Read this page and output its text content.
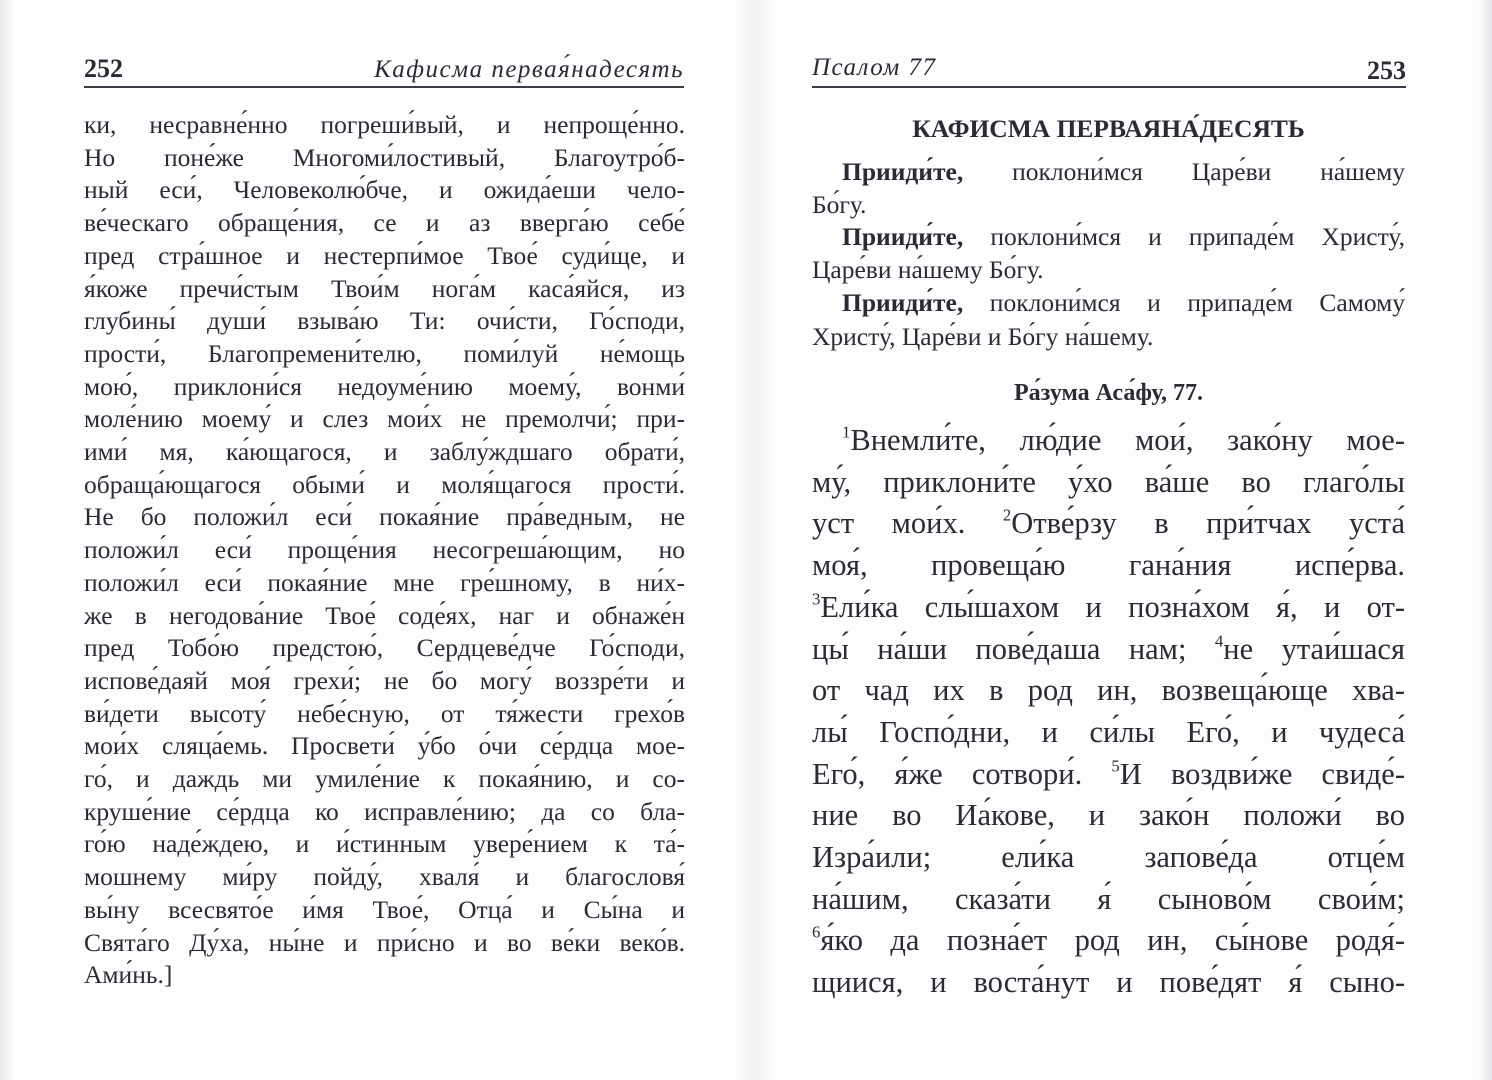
252	Кафисма первая́надесять	Псалом 77	253
ки, несравне́нно погреши́вый, и непроще́нно.
Но поне́же Многоми́лостивый, Благоутро́б-
ный еси́, Человеколю́бче, и ожида́еши чело-
ве́ческаго обраще́ния, се и аз вверга́ю себе́
пред стра́шное и нестерпи́мое Твое́ суди́ще, и
я́коже пречи́стым Твои́м нога́м каса́яйся, из
глубины́ души́ взыва́ю Ти: очи́сти, Го́споди,
прости́, Благопремени́телю, поми́луй не́мощь
мою́, приклони́ся недоуме́нию моему́, вонми́
моле́нию моему́ и слез мои́х не премолчи́; при-
ими́ мя, ка́ющагося, и заблу́ждшаго обрати́,
обраща́ющагося обыми́ и моля́щагося прости́.
Не бо положи́л еси́ покая́ние пра́ведным, не
положи́л еси́ проще́ния несогреша́ющим, но
положи́л еси́ покая́ние мне гре́шному, в ни́х-
же в негодова́ние Твое́ соде́ях, наг и обнаже́н
пред Тобо́ю предстою́, Сердцеве́дче Го́споди,
испове́даяй моя́ грехи́; не бо могу́ воззре́ти и
ви́дети высоту́ небе́сную, от тя́жести грехо́в
мои́х сляца́емь. Просвети́ у́бо о́чи се́рдца мое-
го́, и даждь ми умиле́ние к покая́нию, и со-
круше́ние се́рдца ко исправле́нию; да со бла-
го́ю наде́ждею, и и́стинным увере́нием к та́-
мошнему ми́ру пойду́, хваля́ и благословя́
вы́ну всесвято́е и́мя Твое́, Отца́ и Сы́на и
Свята́го Ду́ха, ны́не и при́сно и во ве́ки веко́в.
Ами́нь.]
КАФИСМА ПЕРВАЯНА́ДЕСЯТЬ
Прииди́те, поклони́мся Царе́ви на́шему
Бо́гу.
Прииди́те, поклони́мся и припаде́м Христу́,
Царе́ви на́шему Бо́гу.
Прииди́те, поклони́мся и припаде́м Самому́
Христу́, Царе́ви и Бо́гу на́шему.
Ра́зума Аса́фу, 77.
$^1$Внемли́те, лю́дие мои́, зако́ну мое-
му́, приклони́те у́хо ва́ше во глаго́лы
уст мои́х. $^2$Отве́рзу в при́тчах уста́
моя́, провеща́ю гана́ния испе́рва.
$^3$Ели́ка слы́шахом и позна́хом я́, и от-
цы́ на́ши пове́даша нам; $^4$не утаи́шася
от чад их в род ин, возвеща́юще хва-
лы́ Госпо́дни, и си́лы Его́, и чудеса́
Его́, я́же сотвори́. $^5$И воздви́же свиде́-
ние во Иа́кове, и зако́н положи́ во
Изра́или; ели́ка запове́да отце́м
на́шим, сказа́ти я́ сыново́м свои́м;
$^6$я́ко да позна́ет род ин, сы́нове родя́-
щиися, и воста́нут и пове́дят я́ сыно-
